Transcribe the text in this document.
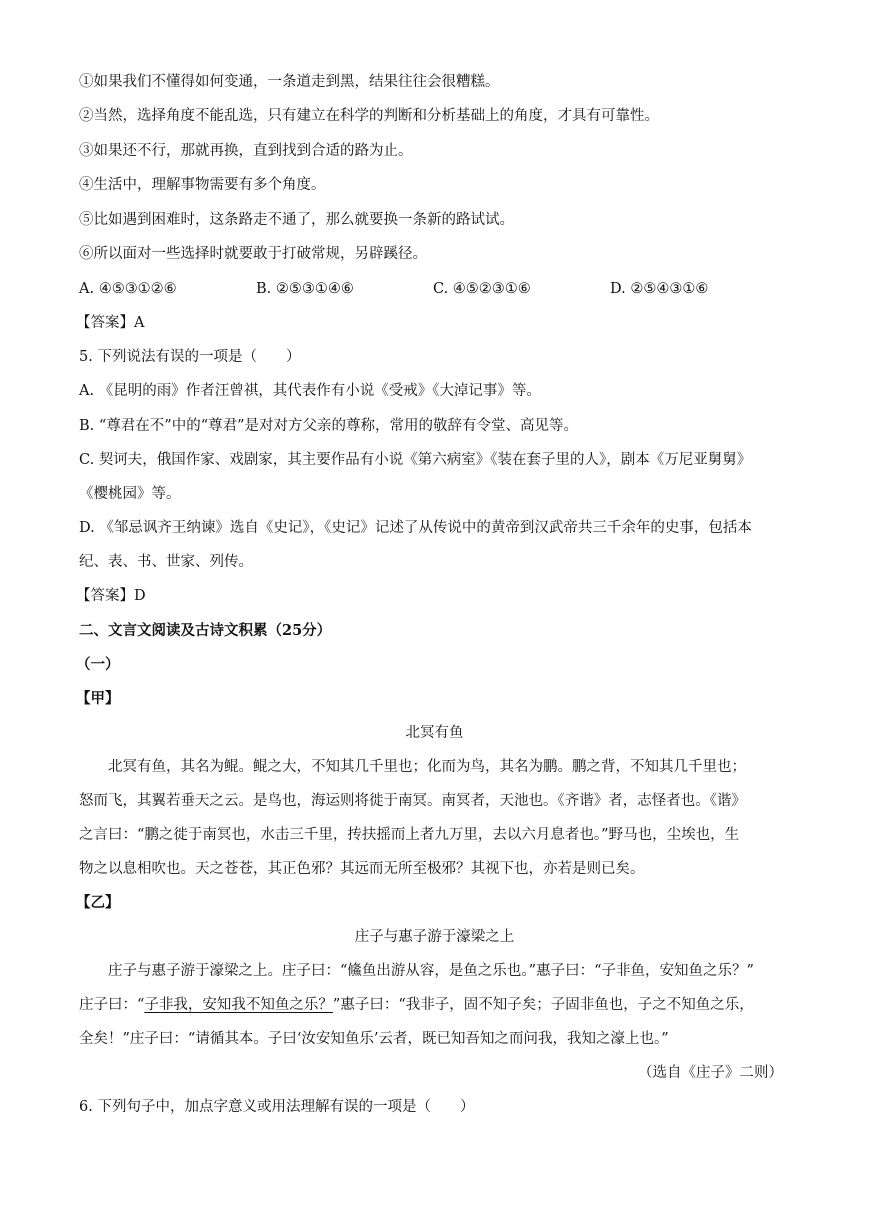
①如果我们不懂得如何变通，一条道走到黑，结果往往会很糟糕。
②当然，选择角度不能乱选，只有建立在科学的判断和分析基础上的角度，才具有可靠性。
③如果还不行，那就再换，直到找到合适的路为止。
④生活中，理解事物需要有多个角度。
⑤比如遇到困难时，这条路走不通了，那么就要换一条新的路试试。
⑥所以面对一些选择时就要敢于打破常规，另辟蹊径。
A. ④⑤③①②⑥	B. ②⑤③①④⑥	C. ④⑤②③①⑥	D. ②⑤④③①⑥
【答案】A
5. 下列说法有误的一项是（　　）
A. 《昆明的雨》作者汪曾祺，其代表作有小说《受戒》《大淖记事》等。
B. “尊君在不”中的“尊君”是对对方父亲的尊称，常用的敬辞有令堂、高见等。
C. 契诃夫，俄国作家、戏剧家，其主要作品有小说《第六病室》《装在套子里的人》，剧本《万尼亚舅舅》
《樱桃园》等。
D. 《邹忌讽齐王纳谏》选自《史记》，《史记》记述了从传说中的黄帝到汉武帝共三千余年的史事，包括本
纪、表、书、世家、列传。
【答案】D
二、文言文阅读及古诗文积累（25分）
（一）
【甲】
北冥有鱼
北冥有鱼，其名为鲲。鲲之大，不知其几千里也；化而为鸟，其名为鹏。鹏之背，不知其几千里也；
怒而飞，其翼若垂天之云。是鸟也，海运则将徙于南冥。南冥者，天池也。《齐谐》者，志怪者也。《谐》
之言曰：“鹏之徙于南冥也，水击三千里，抟扶摇而上者九万里，去以六月息者也。”野马也，尘埃也，生
物之以息相吹也。天之苍苍，其正色邪？其远而无所至极邪？其视下也，亦若是则已矣。
【乙】
庄子与惠子游于濠梁之上
庄子与惠子游于濠梁之上。庄子曰：“鯈鱼出游从容，是鱼之乐也。”惠子曰：“子非鱼，安知鱼之乐？”
庄子曰：“子非我，安知我不知鱼之乐？”惠子曰：“我非子，固不知子矣；子固非鱼也，子之不知鱼之乐，
全矣！”庄子曰：“请循其本。子曰‘汝安知鱼乐’云者，既已知吾知之而问我，我知之濠上也。”
（选自《庄子》二则）
6. 下列句子中，加点字意义或用法理解有误的一项是（　　）
